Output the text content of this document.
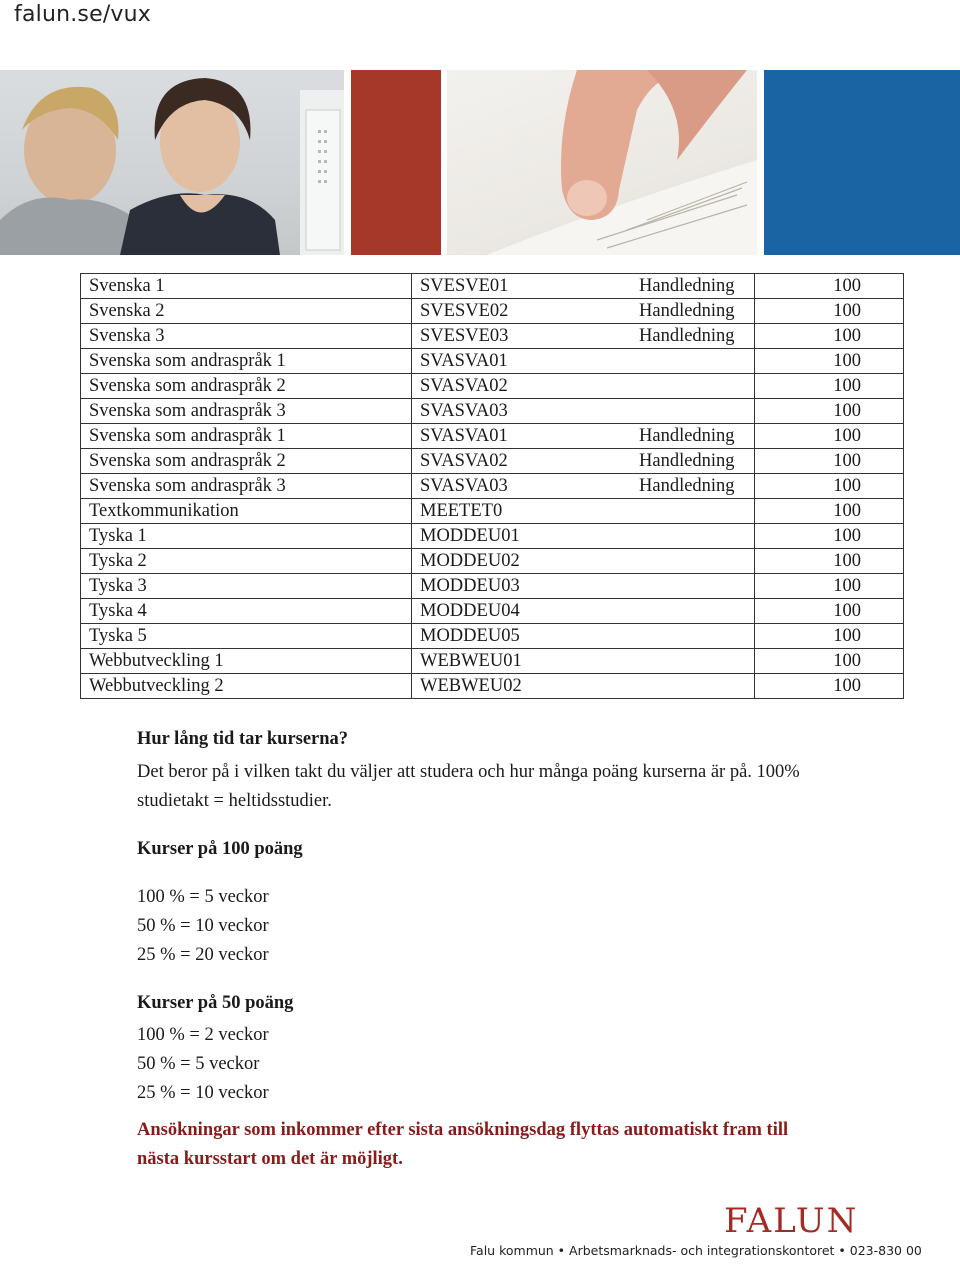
falun.se/vux
Svenska 1	SVESVE01 Handledning	100
Svenska 2	SVESVE02 Handledning	100
Svenska 3	SVESVE03 Handledning	100
Svenska som andraspråk 1	SVASVA01	100
Svenska som andraspråk 2	SVASVA02	100
Svenska som andraspråk 3	SVASVA03	100
Svenska som andraspråk 1	SVASVA01 Handledning	100
Svenska som andraspråk 2	SVASVA02 Handledning	100
Svenska som andraspråk 3	SVASVA03 Handledning	100
Textkommunikation	MEETET0	100
Tyska 1	MODDEU01	100
Tyska 2	MODDEU02	100
Tyska 3	MODDEU03	100
Tyska 4	MODDEU04	100
Tyska 5	MODDEU05	100
Webbutveckling 1	WEBWEU01	100
Webbutveckling 2	WEBWEU02	100

Hur lång tid tar kurserna?

Det beror på i vilken takt du väljer att studera och hur många poäng kurserna är på. 100% studietakt = heltidsstudier.

Kurser på 100 poäng

100 % = 5 veckor

50 % = 10 veckor

25 % = 20 veckor

Kurser på 50 poäng

100 % = 2 veckor

50 % = 5 veckor

25 % = 10 veckor

Ansökningar som inkommer efter sista ansökningsdag flyttas automatiskt fram till

nästa kursstart om det är möjligt.

FALUN
Falu kommun • Arbetsmarknads- och integrationskontoret • 023-830 00
